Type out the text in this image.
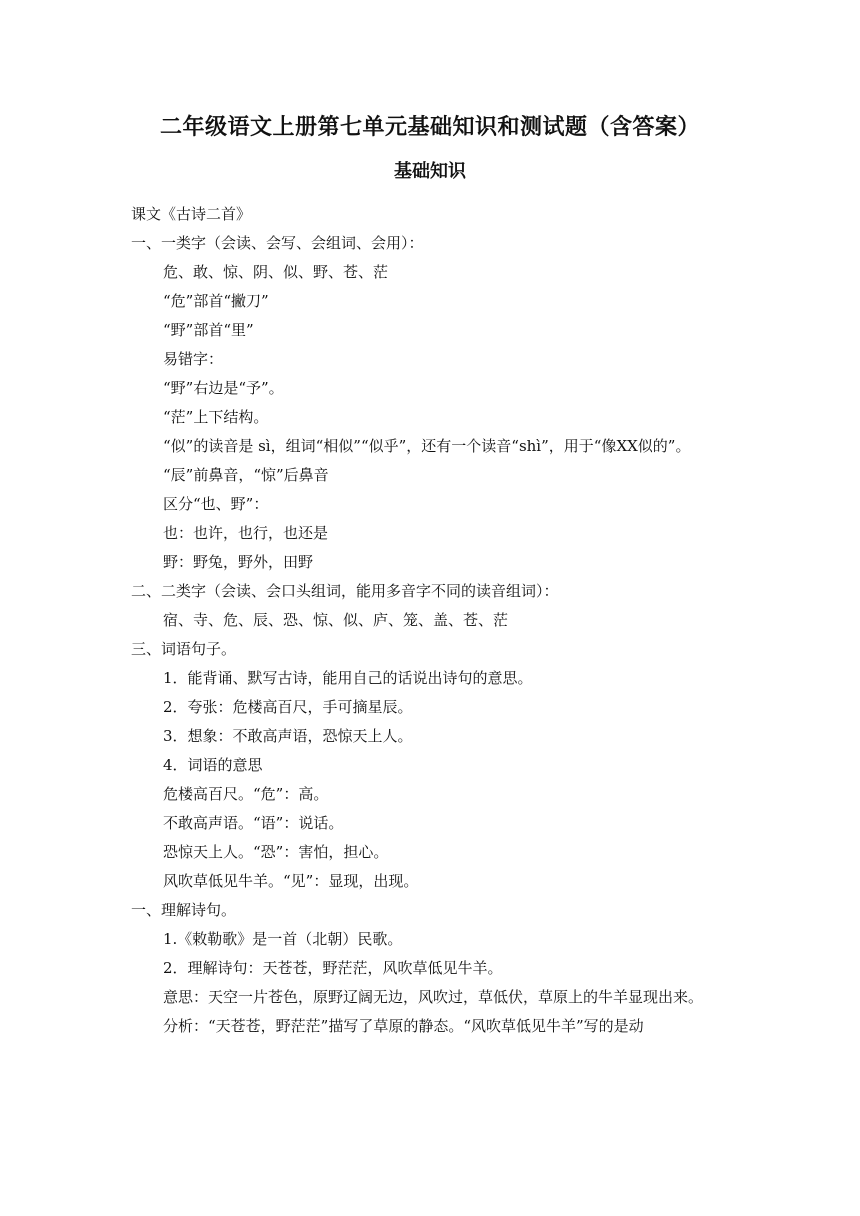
二年级语文上册第七单元基础知识和测试题（含答案）
基础知识

课文《古诗二首》

一、一类字（会读、会写、会组词、会用）：

危、敢、惊、阴、似、野、苍、茫

“危”部首“撇刀”

“野”部首“里”

易错字：

“野”右边是“予”。

“茫”上下结构。

“似”的读音是 sì，组词“相似”“似乎”，还有一个读音“shì”，用于“像XX似的”。

“辰”前鼻音，“惊”后鼻音

区分“也、野”：

也：也许，也行，也还是

野：野兔，野外，田野

二、二类字（会读、会口头组词，能用多音字不同的读音组词）：

宿、寺、危、辰、恐、惊、似、庐、笼、盖、苍、茫

三、词语句子。

1．能背诵、默写古诗，能用自己的话说出诗句的意思。

2．夸张：危楼高百尺，手可摘星辰。

3．想象：不敢高声语，恐惊天上人。

4．词语的意思

危楼高百尺。“危”：高。

不敢高声语。“语”：说话。

恐惊天上人。“恐”：害怕，担心。

风吹草低见牛羊。“见”：显现，出现。

一、理解诗句。

1.《敕勒歌》是一首（北朝）民歌。

2．理解诗句：天苍苍，野茫茫，风吹草低见牛羊。

意思：天空一片苍色，原野辽阔无边，风吹过，草低伏，草原上的牛羊显现出来。

分析：“天苍苍，野茫茫”描写了草原的静态。“风吹草低见牛羊”写的是动
